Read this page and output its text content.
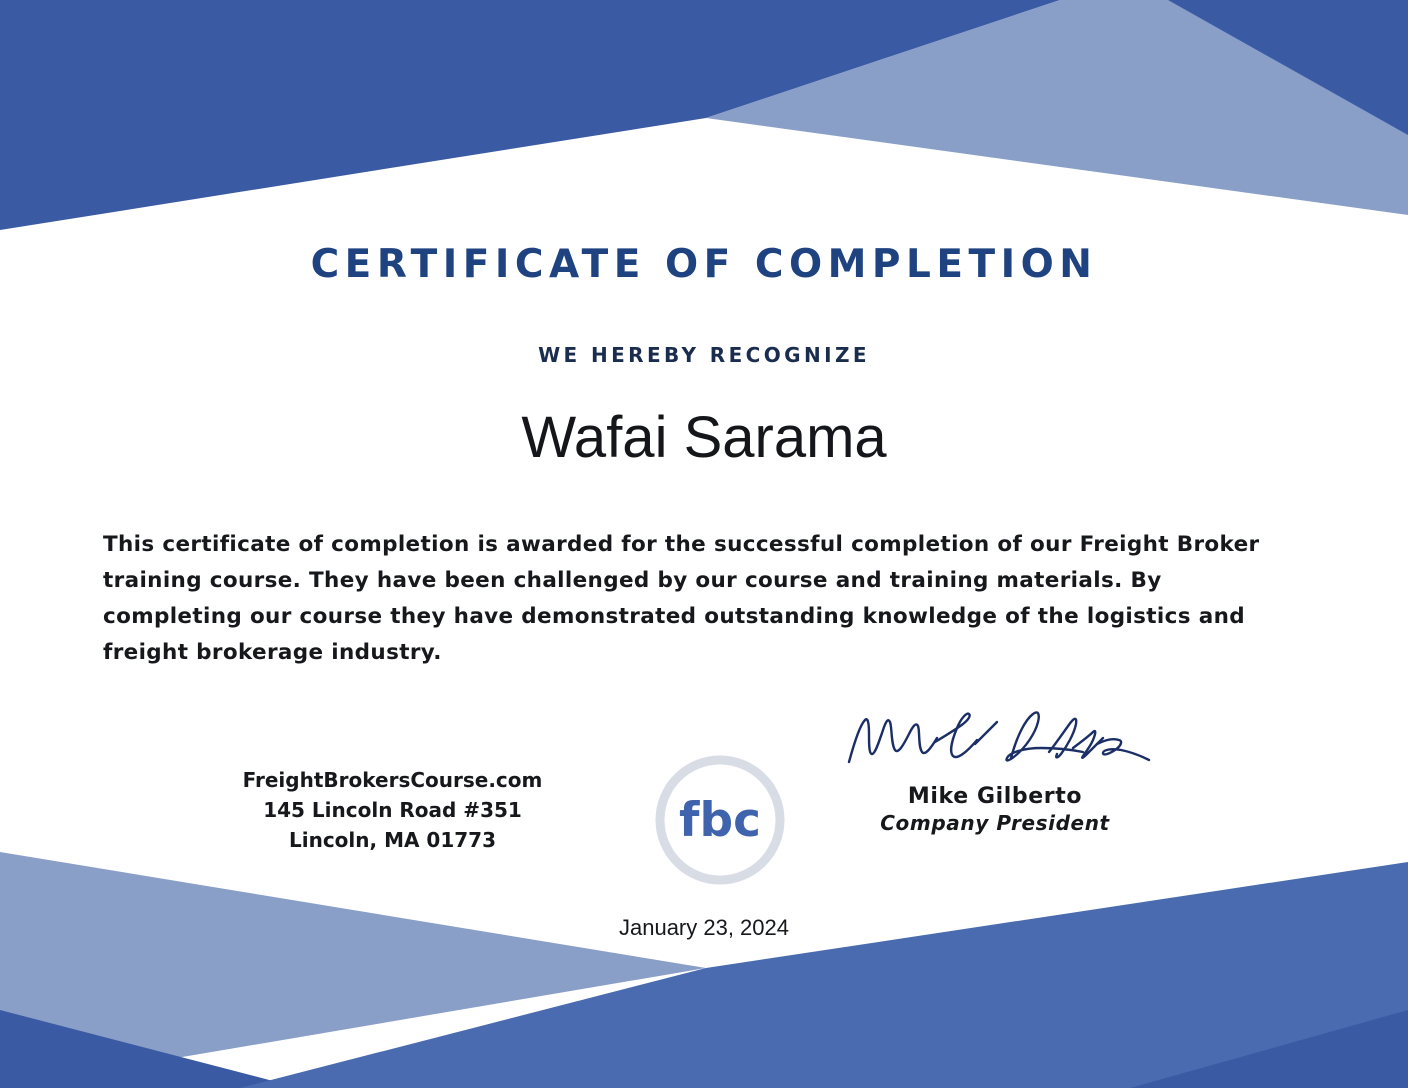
CERTIFICATE OF COMPLETION
WE HEREBY RECOGNIZE
Wafai Sarama
This certificate of completion is awarded for the successful completion of our Freight Broker training course. They have been challenged by our course and training materials. By completing our course they have demonstrated outstanding knowledge of the logistics and freight brokerage industry.
FreightBrokersCourse.com
145 Lincoln Road #351
Lincoln, MA 01773	fbc	Mike Gilberto
Company President
January 23, 2024
